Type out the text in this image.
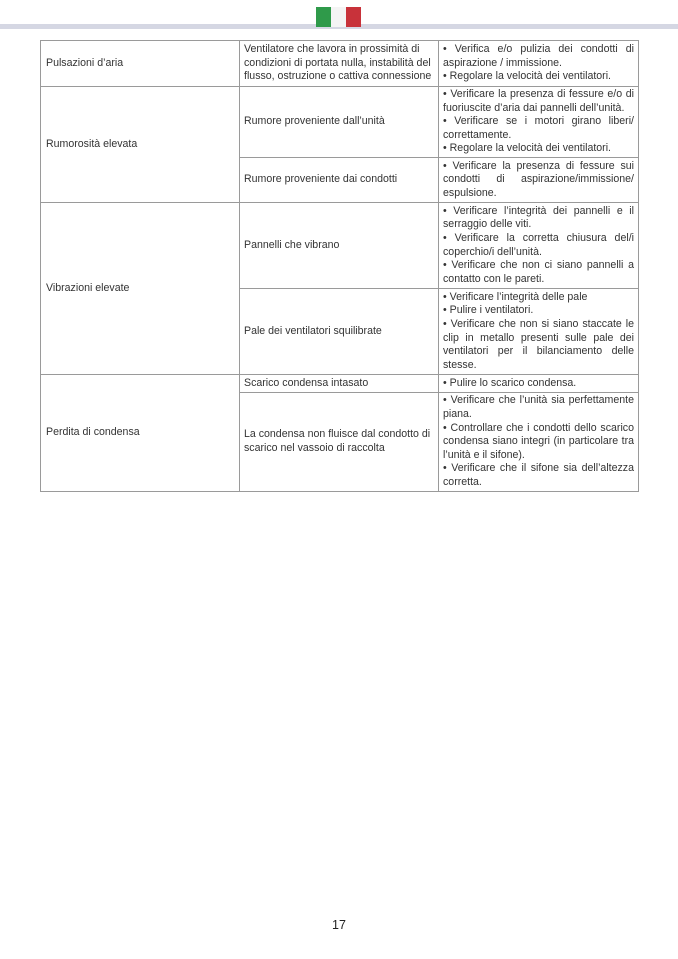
Pulsazioni d’aria	Ventilatore che lavora in prossimità di condizioni di portata nulla, instabilità del flusso, ostruzione o cattiva connessione	• Verifica e/o pulizia dei condotti di aspirazione / immissione.
• Regolare la velocità dei ventilatori.

Rumorosità elevata	Rumore proveniente dall’unità	• Verificare la presenza di fessure e/o di fuoriuscite d’aria dai pannelli dell’unità.
• Verificare se i motori girano liberi/ correttamente.
• Regolare la velocità dei ventilatori.

	Rumore proveniente dai condotti	• Verificare la presenza di fessure sui condotti di aspirazione/immissione/ espulsione.

Vibrazioni elevate	Pannelli che vibrano	• Verificare l’integrità dei pannelli e il serraggio delle viti.
• Verificare la corretta chiusura del/i coperchio/i dell’unità.
• Verificare che non ci siano pannelli a contatto con le pareti.

	Pale dei ventilatori squilibrate	• Verificare l’integrità delle pale
• Pulire i ventilatori.
• Verificare che non si siano staccate le clip in metallo presenti sulle pale dei ventilatori per il bilanciamento delle stesse.

Perdita di condensa	Scarico condensa intasato	• Pulire lo scarico condensa.

	La condensa non fluisce dal condotto di scarico nel vassoio di raccolta	• Verificare che l’unità sia perfettamente piana.
• Controllare che i condotti dello scarico condensa siano integri (in particolare tra l’unità e il sifone).
• Verificare che il sifone sia dell’altezza corretta.
17
